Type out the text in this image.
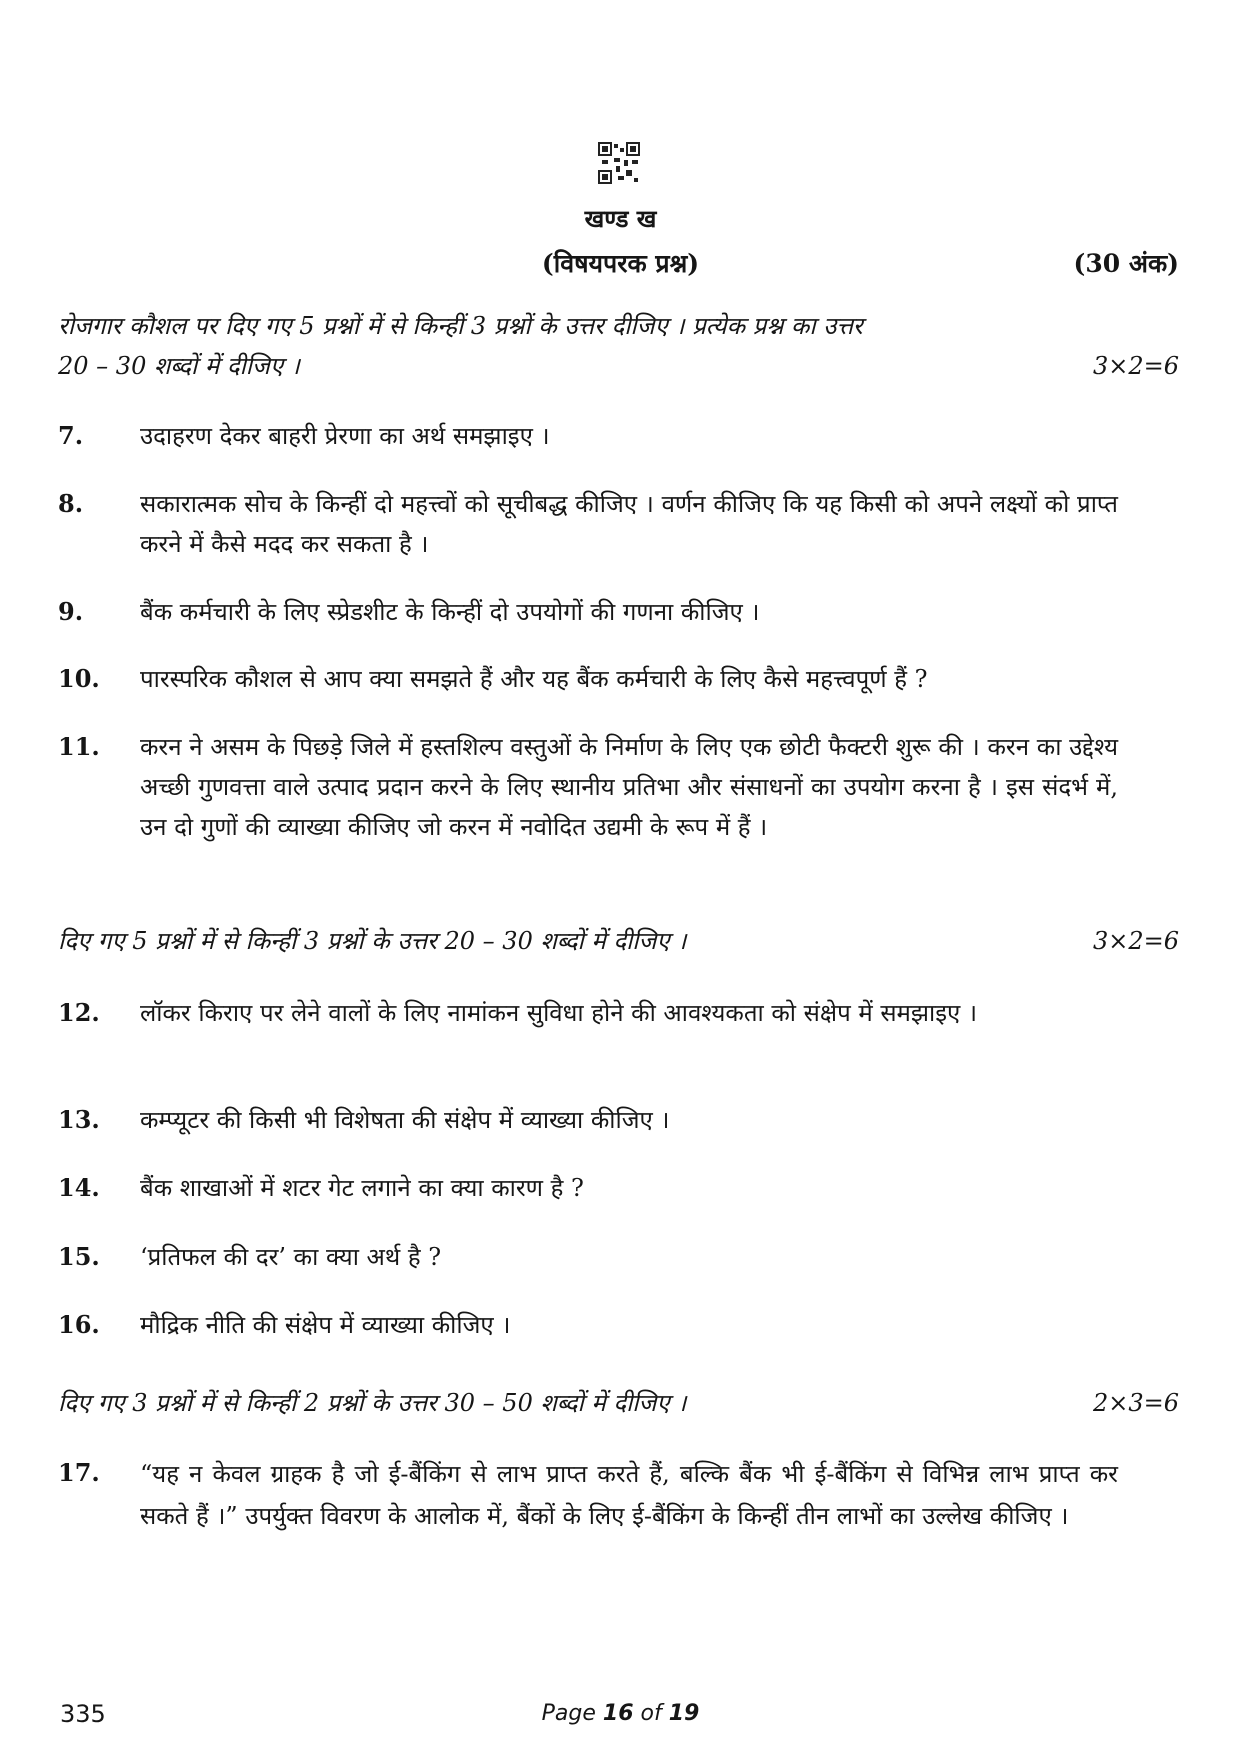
खण्ड ख
(विषयपरक प्रश्न)	(30 अंक)
रोजगार कौशल पर दिए गए 5 प्रश्नों में से किन्हीं 3 प्रश्नों के उत्तर दीजिए । प्रत्येक प्रश्न का उत्तर
20 – 30 शब्दों में दीजिए ।	3×2=6
7. उदाहरण देकर बाहरी प्रेरणा का अर्थ समझाइए ।
8. सकारात्मक सोच के किन्हीं दो महत्त्वों को सूचीबद्ध कीजिए । वर्णन कीजिए कि यह किसी को अपने लक्ष्यों को प्राप्त करने में कैसे मदद कर सकता है ।
9. बैंक कर्मचारी के लिए स्प्रेडशीट के किन्हीं दो उपयोगों की गणना कीजिए ।
10. पारस्परिक कौशल से आप क्या समझते हैं और यह बैंक कर्मचारी के लिए कैसे महत्त्वपूर्ण हैं ?
11. करन ने असम के पिछड़े जिले में हस्तशिल्प वस्तुओं के निर्माण के लिए एक छोटी फैक्टरी शुरू की । करन का उद्देश्य अच्छी गुणवत्ता वाले उत्पाद प्रदान करने के लिए स्थानीय प्रतिभा और संसाधनों का उपयोग करना है । इस संदर्भ में, उन दो गुणों की व्याख्या कीजिए जो करन में नवोदित उद्यमी के रूप में हैं ।
दिए गए 5 प्रश्नों में से किन्हीं 3 प्रश्नों के उत्तर 20 – 30 शब्दों में दीजिए ।	3×2=6
12. लॉकर किराए पर लेने वालों के लिए नामांकन सुविधा होने की आवश्यकता को संक्षेप में समझाइए ।
13. कम्प्यूटर की किसी भी विशेषता की संक्षेप में व्याख्या कीजिए ।
14. बैंक शाखाओं में शटर गेट लगाने का क्या कारण है ?
15. ‘प्रतिफल की दर’ का क्या अर्थ है ?
16. मौद्रिक नीति की संक्षेप में व्याख्या कीजिए ।
दिए गए 3 प्रश्नों में से किन्हीं 2 प्रश्नों के उत्तर 30 – 50 शब्दों में दीजिए ।	2×3=6
17. “यह न केवल ग्राहक है जो ई-बैंकिंग से लाभ प्राप्त करते हैं, बल्कि बैंक भी ई-बैंकिंग से विभिन्न लाभ प्राप्त कर सकते हैं ।” उपर्युक्त विवरण के आलोक में, बैंकों के लिए ई-बैंकिंग के किन्हीं तीन लाभों का उल्लेख कीजिए ।
335	Page 16 of 19
